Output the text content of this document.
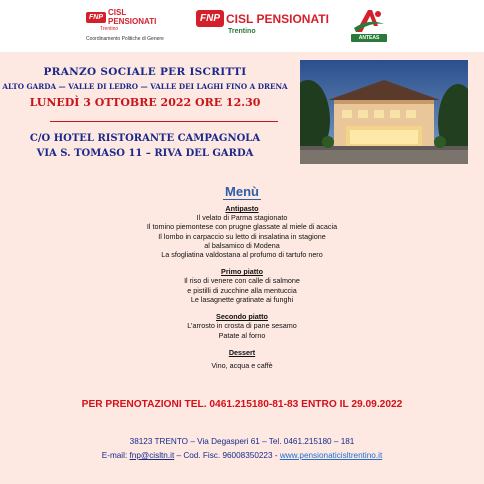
FNP CISL PENSIONATI
Trentino
Coordinamento Politiche di Genere
FNP CISL PENSIONATI
Trentino
ANTEAS
PRANZO SOCIALE PER ISCRITTI
ALTO GARDA — VALLE DI LEDRO — VALLE DEI LAGHI FINO A DRENA
LUNEDÌ 3 OTTOBRE 2022 ORE 12.30
C/O HOTEL RISTORANTE CAMPAGNOLA
VIA S. TOMASO 11 – RIVA DEL GARDA
Menù
Antipasto
Il velato di Parma stagionato
Il tomino piemontese con prugne glassate al miele di acacia
Il lombo in carpaccio su letto di insalatina in stagione
al balsamico di Modena
La sfogliatina valdostana al profumo di tartufo nero
Primo piatto
Il riso di venere con calle di salmone
e pistilli di zucchine alla mentuccia
Le lasagnette gratinate ai funghi
Secondo piatto
L’arrosto in crosta di pane sesamo
Patate al forno
Dessert
Vino, acqua e caffè
PER PRENOTAZIONI TEL. 0461.215180-81-83 ENTRO IL 29.09.2022
38123 TRENTO – Via Degasperi 61 – Tel. 0461.215180 – 181
E-mail: fnp@cisltn.it – Cod. Fisc. 96008350223 - www.pensionaticisltrentino.it
